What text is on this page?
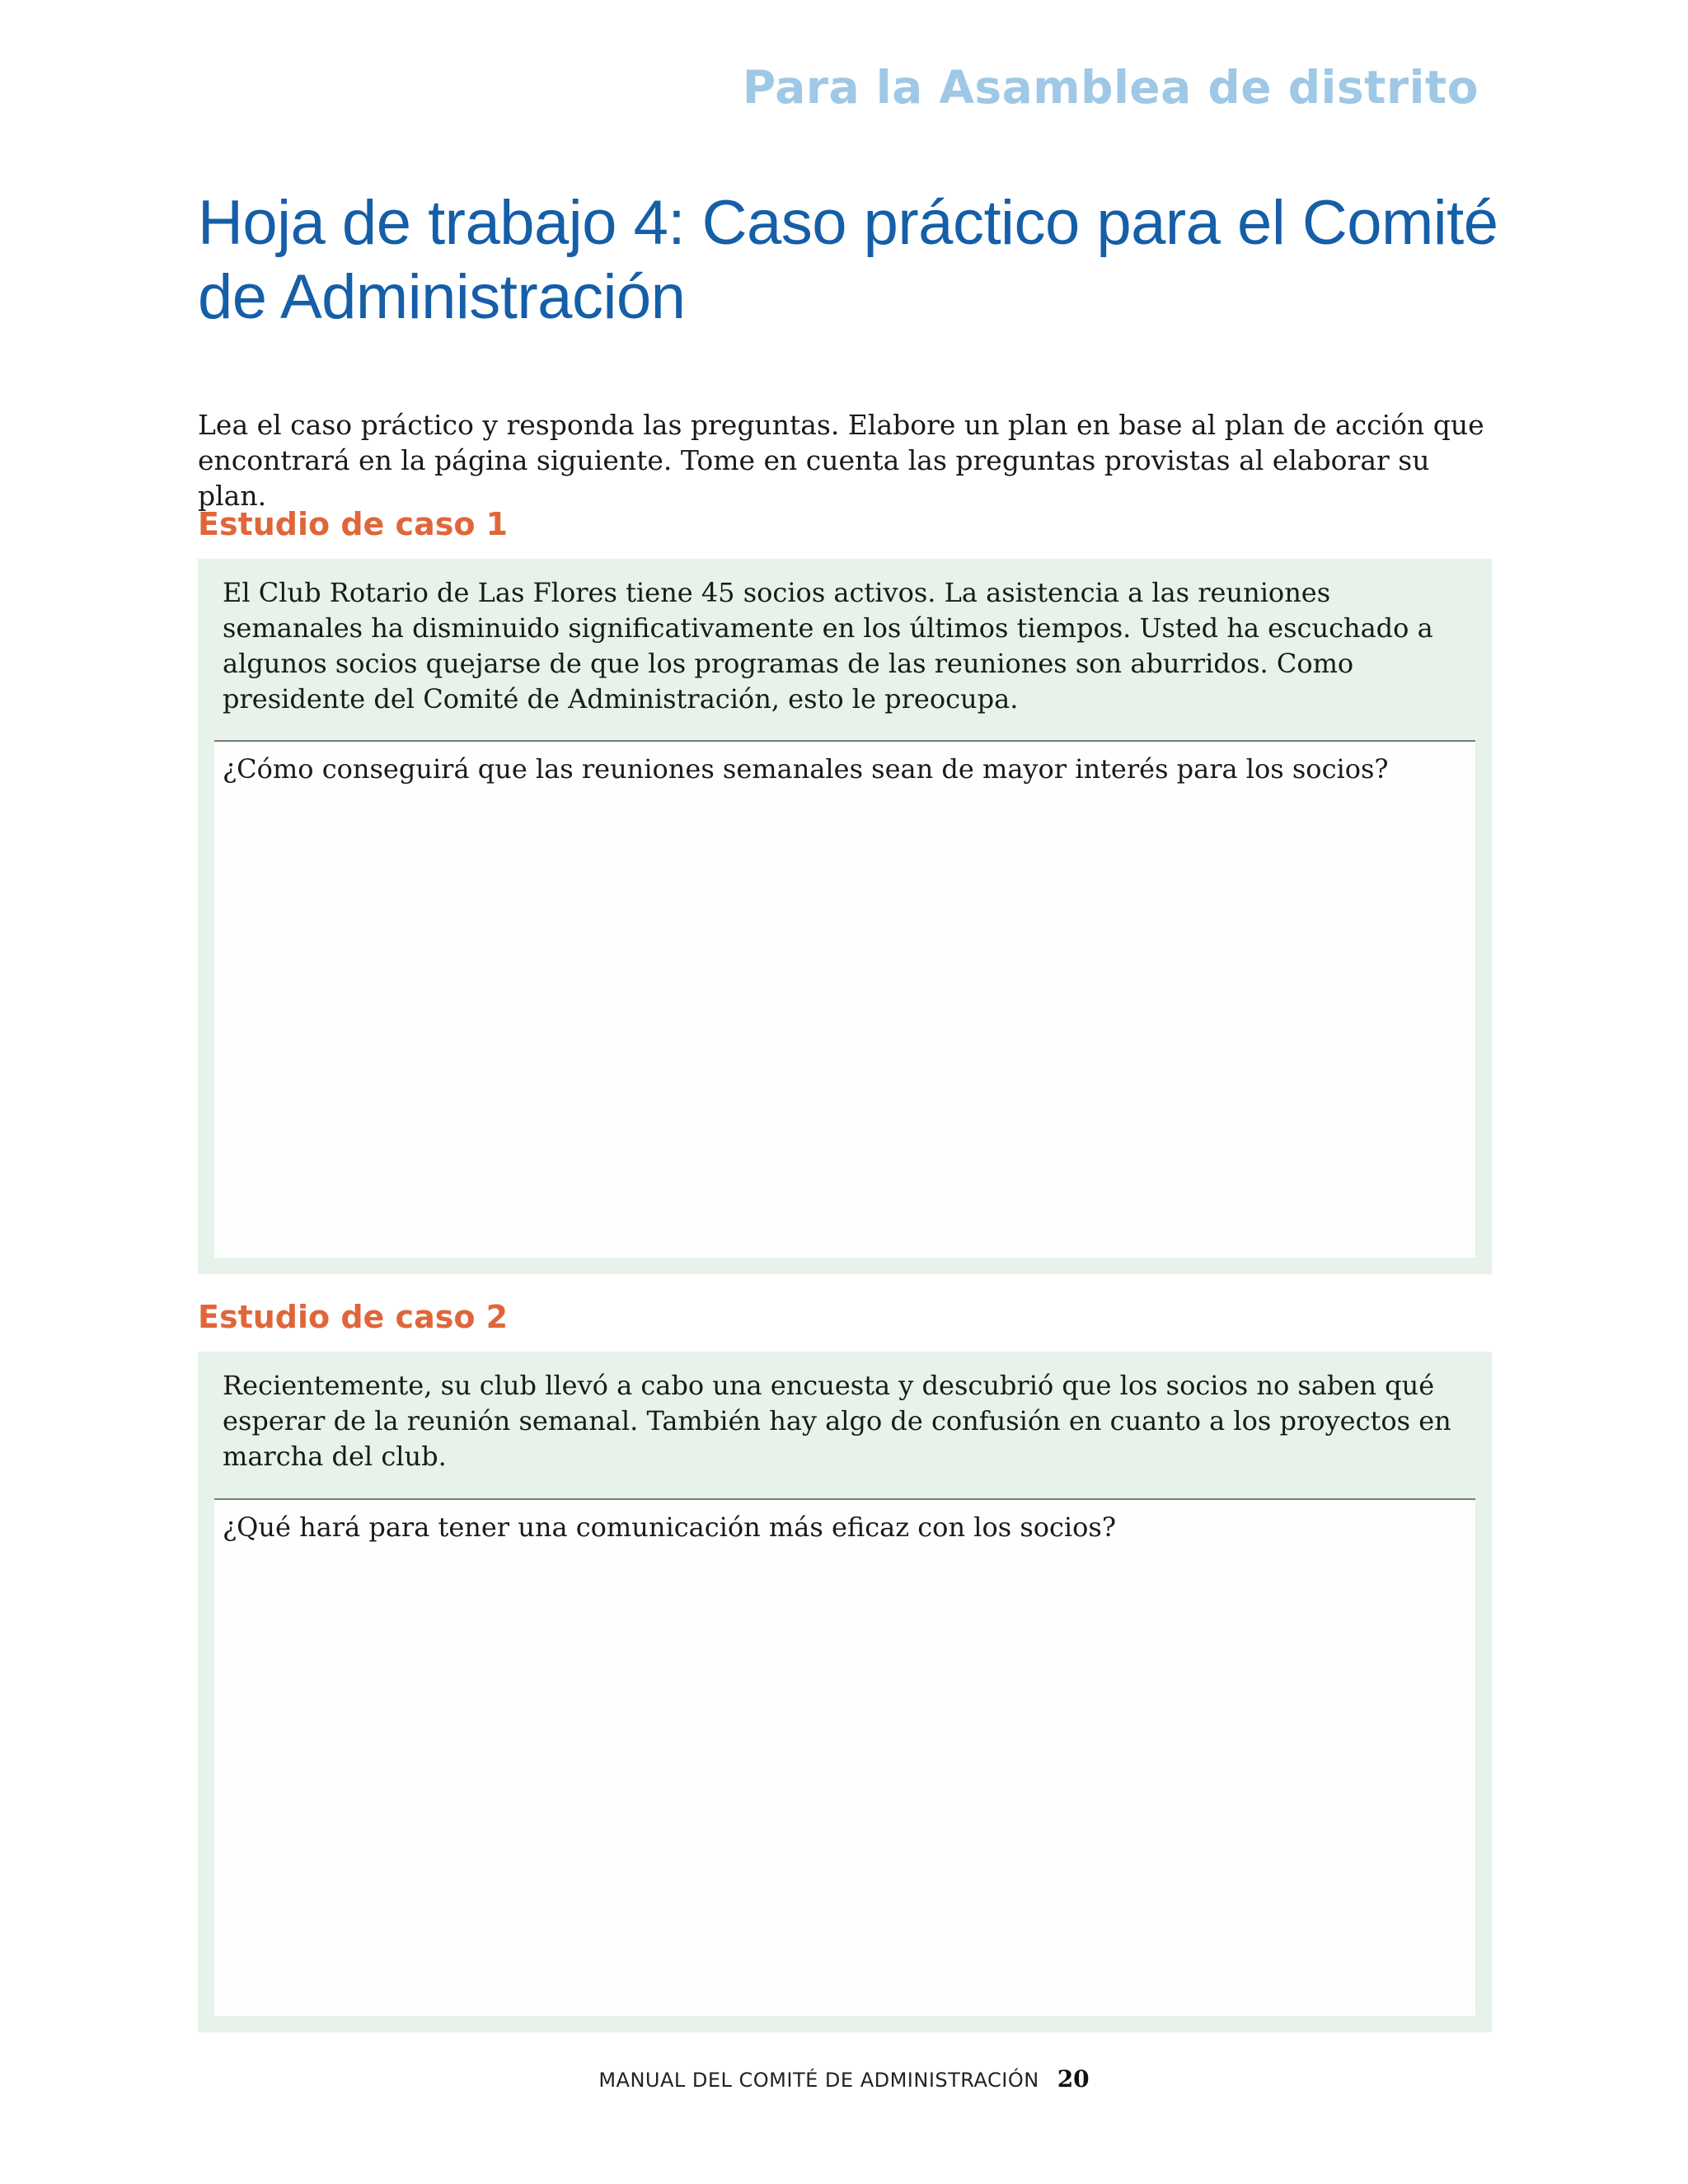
Para la Asamblea de distrito
Hoja de trabajo 4: Caso práctico para el Comité de Administración

Lea el caso práctico y responda las preguntas. Elabore un plan en base al plan de acción que encontrará en la página siguiente. Tome en cuenta las preguntas provistas al elaborar su plan.

Estudio de caso 1

El Club Rotario de Las Flores tiene 45 socios activos. La asistencia a las reuniones semanales ha disminuido significativamente en los últimos tiempos. Usted ha escuchado a algunos socios quejarse de que los programas de las reuniones son aburridos. Como presidente del Comité de Administración, esto le preocupa.

¿Cómo conseguirá que las reuniones semanales sean de mayor interés para los socios?

Estudio de caso 2

Recientemente, su club llevó a cabo una encuesta y descubrió que los socios no saben qué esperar de la reunión semanal. También hay algo de confusión en cuanto a los proyectos en marcha del club.

¿Qué hará para tener una comunicación más eficaz con los socios?

MANUAL DEL COMITÉ DE ADMINISTRACIÓN 20
